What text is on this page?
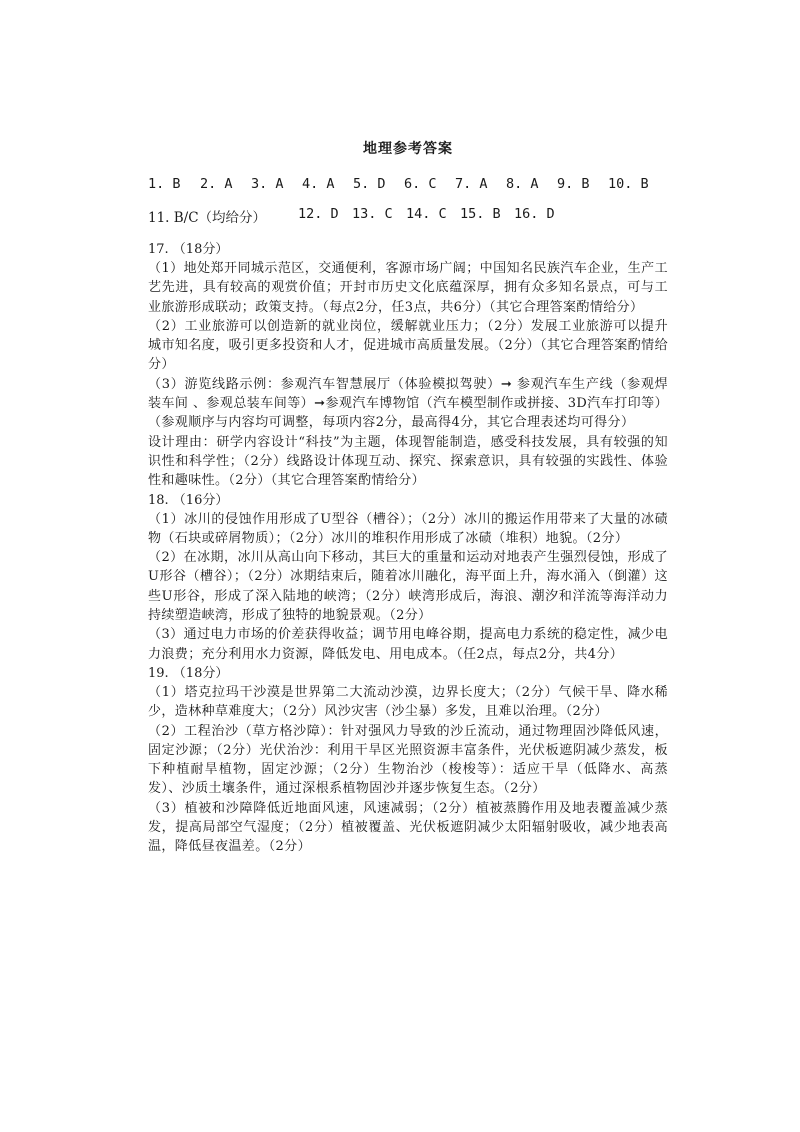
地理参考答案
1. B	2. A	3. A	4. A	5. D	6. C	7. A	8. A	9. B	10. B
11. B/C（均给分）	12. D 13. C 14. C 15. B 16. D

17. （18分）

（1）地处郑开同城示范区，交通便利，客源市场广阔；中国知名民族汽车企业，生产工艺先进，具有较高的观赏价值；开封市历史文化底蕴深厚，拥有众多知名景点，可与工业旅游形成联动；政策支持。（每点2分，任3点，共6分）（其它合理答案酌情给分）

（2）工业旅游可以创造新的就业岗位，缓解就业压力；（2分）发展工业旅游可以提升城市知名度，吸引更多投资和人才，促进城市高质量发展。（2分）（其它合理答案酌情给分）

（3）游览线路示例：参观汽车智慧展厅（体验模拟驾驶）➞ 参观汽车生产线（参观焊装车间 、参观总装车间等）➞参观汽车博物馆（汽车模型制作或拼接、3D汽车打印等）（参观顺序与内容均可调整，每项内容2分，最高得4分，其它合理表述均可得分）

设计理由：研学内容设计“科技”为主题，体现智能制造，感受科技发展，具有较强的知识性和科学性；（2分）线路设计体现互动、探究、探索意识，具有较强的实践性、体验性和趣味性。（2分）（其它合理答案酌情给分）

18. （16分）

（1）冰川的侵蚀作用形成了U型谷（槽谷）；（2分）冰川的搬运作用带来了大量的冰碛物（石块或碎屑物质）；（2分）冰川的堆积作用形成了冰碛（堆积）地貌。（2分）

（2）在冰期，冰川从高山向下移动，其巨大的重量和运动对地表产生强烈侵蚀，形成了U形谷（槽谷）；（2分）冰期结束后，随着冰川融化，海平面上升，海水涌入（倒灌）这些U形谷，形成了深入陆地的峡湾；（2分）峡湾形成后，海浪、潮汐和洋流等海洋动力持续塑造峡湾，形成了独特的地貌景观。（2分）

（3）通过电力市场的价差获得收益；调节用电峰谷期，提高电力系统的稳定性，减少电力浪费；充分利用水力资源，降低发电、用电成本。（任2点，每点2分，共4分）

19. （18分）

（1）塔克拉玛干沙漠是世界第二大流动沙漠，边界长度大；（2分）气候干旱、降水稀少，造林种草难度大；（2分）风沙灾害（沙尘暴）多发，且难以治理。（2分）

（2）工程治沙（草方格沙障）：针对强风力导致的沙丘流动，通过物理固沙降低风速，固定沙源；（2分）光伏治沙：利用干旱区光照资源丰富条件，光伏板遮阴减少蒸发，板下种植耐旱植物，固定沙源；（2分）生物治沙（梭梭等）：适应干旱（低降水、高蒸发）、沙质土壤条件，通过深根系植物固沙并逐步恢复生态。（2分）

（3）植被和沙障降低近地面风速，风速减弱；（2分）植被蒸腾作用及地表覆盖减少蒸发，提高局部空气湿度；（2分）植被覆盖、光伏板遮阴减少太阳辐射吸收，减少地表高温，降低昼夜温差。（2分）
